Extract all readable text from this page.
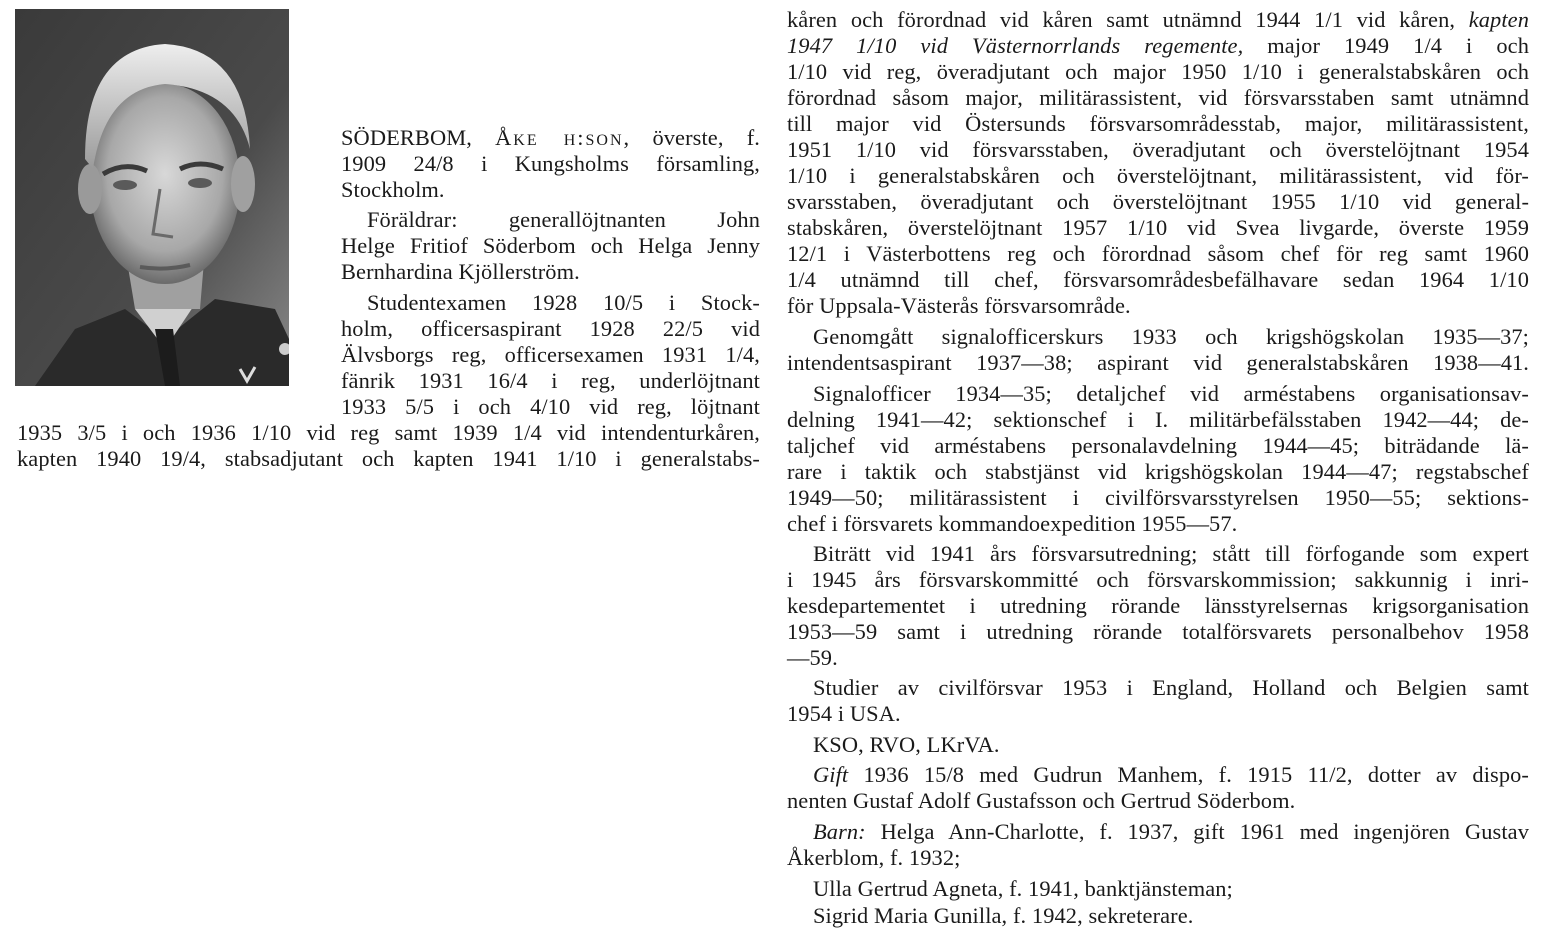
SÖDERBOM, Åke h:son, överste, f.
1909 24/8 i Kungsholms församling,
Stockholm.
Föräldrar: generallöjtnanten John
Helge Fritiof Söderbom och Helga Jenny
Bernhardina Kjöllerström.
Studentexamen 1928 10/5 i Stock-
holm, officersaspirant 1928 22/5 vid
Älvsborgs reg, officersexamen 1931 1/4,
fänrik 1931 16/4 i reg, underlöjtnant
1933 5/5 i och 4/10 vid reg, löjtnant
1935 3/5 i och 1936 1/10 vid reg samt 1939 1/4 vid intendenturkåren,
kapten 1940 19/4, stabsadjutant och kapten 1941 1/10 i generalstabs-
kåren och förordnad vid kåren samt utnämnd 1944 1/1 vid kåren, kapten
1947 1/10 vid Västernorrlands regemente, major 1949 1/4 i och
1/10 vid reg, överadjutant och major 1950 1/10 i generalstabskåren och
förordnad såsom major, militärassistent, vid försvarsstaben samt utnämnd
till major vid Östersunds försvarsområdesstab, major, militärassistent,
1951 1/10 vid försvarsstaben, överadjutant och överstelöjtnant 1954
1/10 i generalstabskåren och överstelöjtnant, militärassistent, vid för-
svarsstaben, överadjutant och överstelöjtnant 1955 1/10 vid general-
stabskåren, överstelöjtnant 1957 1/10 vid Svea livgarde, överste 1959
12/1 i Västerbottens reg och förordnad såsom chef för reg samt 1960
1/4 utnämnd till chef, försvarsområdesbefälhavare sedan 1964 1/10
för Uppsala-Västerås försvarsområde.
Genomgått signalofficerskurs 1933 och krigshögskolan 1935—37;
intendentsaspirant 1937—38; aspirant vid generalstabskåren 1938—41.
Signalofficer 1934—35; detaljchef vid arméstabens organisationsav-
delning 1941—42; sektionschef i I. militärbefälsstaben 1942—44; de-
taljchef vid arméstabens personalavdelning 1944—45; biträdande lä-
rare i taktik och stabstjänst vid krigshögskolan 1944—47; regstabschef
1949—50; militärassistent i civilförsvarsstyrelsen 1950—55; sektions-
chef i försvarets kommandoexpedition 1955—57.
Biträtt vid 1941 års försvarsutredning; stått till förfogande som expert
i 1945 års försvarskommitté och försvarskommission; sakkunnig i inri-
kesdepartementet i utredning rörande länsstyrelsernas krigsorganisation
1953—59 samt i utredning rörande totalförsvarets personalbehov 1958
—59.
Studier av civilförsvar 1953 i England, Holland och Belgien samt
1954 i USA.
KSO, RVO, LKrVA.
Gift 1936 15/8 med Gudrun Manhem, f. 1915 11/2, dotter av dispo-
nenten Gustaf Adolf Gustafsson och Gertrud Söderbom.
Barn: Helga Ann-Charlotte, f. 1937, gift 1961 med ingenjören Gustav
Åkerblom, f. 1932;
Ulla Gertrud Agneta, f. 1941, banktjänsteman;
Sigrid Maria Gunilla, f. 1942, sekreterare.
